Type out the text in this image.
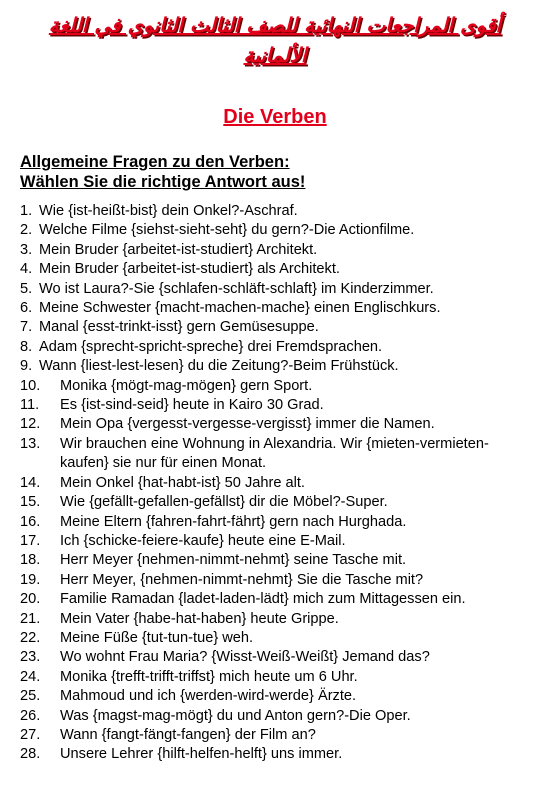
أقوى المراجعات النهائية للصف الثالث الثانوي في اللغة الألمانية
Die Verben
Allgemeine Fragen zu den Verben:
Wählen Sie die richtige Antwort aus!
1. Wie {ist-heißt-bist} dein Onkel?-Aschraf.
2. Welche Filme {siehst-sieht-seht} du gern?-Die Actionfilme.
3. Mein Bruder {arbeitet-ist-studiert} Architekt.
4. Mein Bruder {arbeitet-ist-studiert} als Architekt.
5. Wo ist Laura?-Sie {schlafen-schläft-schlaft} im Kinderzimmer.
6. Meine Schwester {macht-machen-mache} einen Englischkurs.
7. Manal {esst-trinkt-isst} gern Gemüsesuppe.
8. Adam {sprecht-spricht-spreche} drei Fremdsprachen.
9. Wann {liest-lest-lesen} du die Zeitung?-Beim Frühstück.
10.	Monika {mögt-mag-mögen} gern Sport.
11.	Es {ist-sind-seid} heute in Kairo 30 Grad.
12.	Mein Opa {vergesst-vergesse-vergisst} immer die Namen.
13.	Wir brauchen eine Wohnung in Alexandria. Wir {mieten-vermieten-kaufen} sie nur für einen Monat.
14.	Mein Onkel {hat-habt-ist} 50 Jahre alt.
15.	Wie {gefällt-gefallen-gefällst} dir die Möbel?-Super.
16.	Meine Eltern {fahren-fahrt-fährt} gern nach Hurghada.
17.	Ich {schicke-feiere-kaufe} heute eine E-Mail.
18.	Herr Meyer {nehmen-nimmt-nehmt} seine Tasche mit.
19.	Herr Meyer, {nehmen-nimmt-nehmt} Sie die Tasche mit?
20.	Familie Ramadan {ladet-laden-lädt} mich zum Mittagessen ein.
21.	Mein Vater {habe-hat-haben} heute Grippe.
22.	Meine Füße {tut-tun-tue} weh.
23.	Wo wohnt Frau Maria? {Wisst-Weiß-Weißt} Jemand das?
24.	Monika {trefft-trifft-triffst} mich heute um 6 Uhr.
25.	Mahmoud und ich {werden-wird-werde} Ärzte.
26.	Was {magst-mag-mögt} du und Anton gern?-Die Oper.
27.	Wann {fangt-fängt-fangen} der Film an?
28.	Unsere Lehrer {hilft-helfen-helft} uns immer.
